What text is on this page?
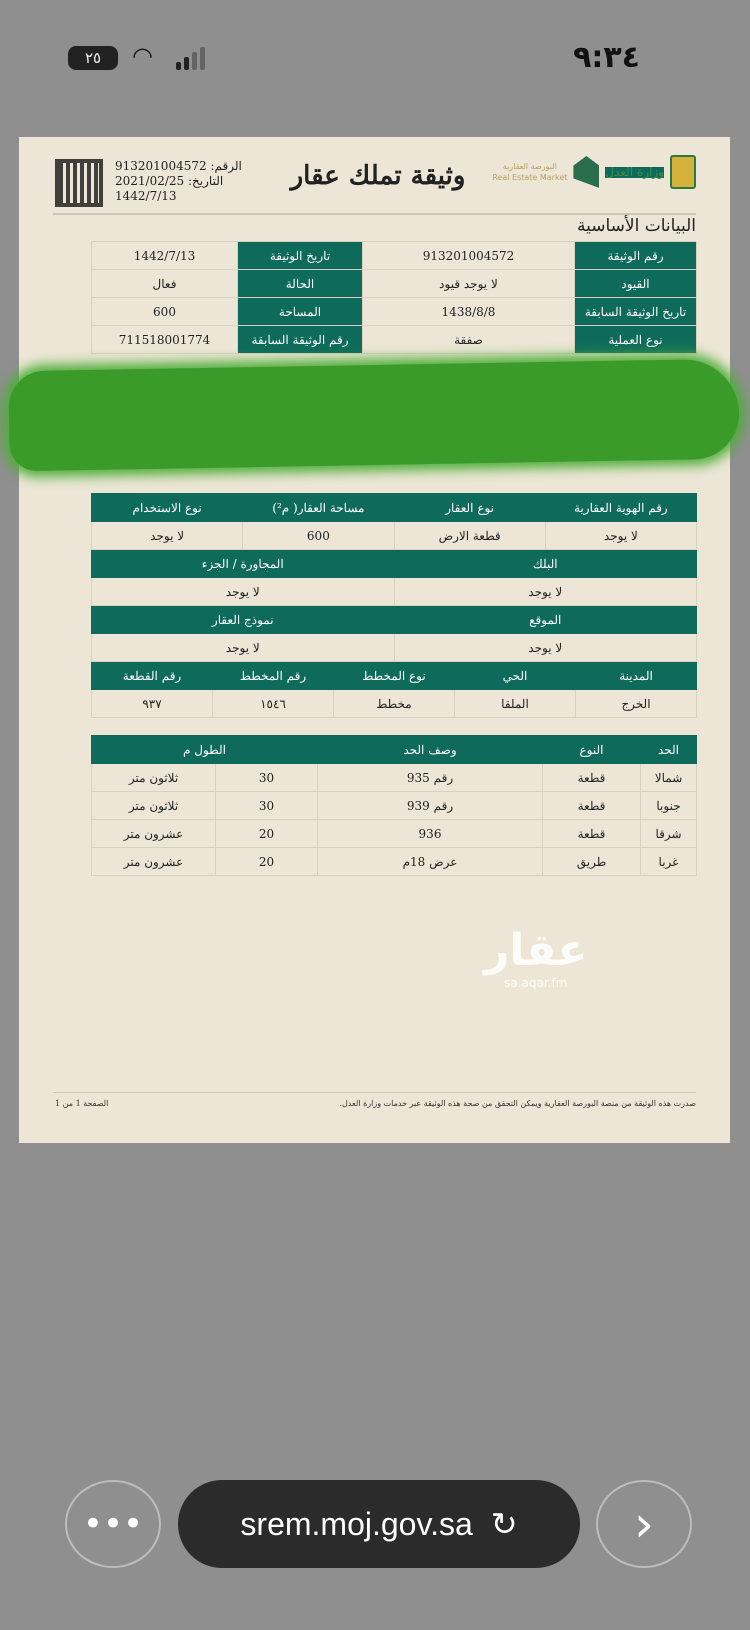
٩:٣٤
٢٥	◠
البورصة العقارية
Real Estate Market	وزارة العدل
وثيقة تملك عقار
الرقم: 913201004572
التاريخ: 2021/02/25
1442/7/13
البيانات الأساسية
رقم الوثيقة	913201004572	تاريخ الوثيقة	1442/7/13
القيود	لا يوجد قيود	الحالة	فعال
تاريخ الوثيقة السابقة	1438/8/8	المساحة	600
نوع العملية	صفقة	رقم الوثيقة السابقة	711518001774
رقم الهوية العقارية		نوع العقار		مساحة العقار( م²)		نوع الاستخدام	
لا يوجد		قطعة الارض		600		لا يوجد	
البلك				المجاورة / الجزء			
لا يوجد				لا يوجد			
الموقع				نموذج العقار			
لا يوجد				لا يوجد			
المدينة	الحي		نوع المخطط		رقم المخطط		رقم القطعة
الخرج	الملقا		مخطط		١٥٤٦		٩٣٧
الحد	النوع	وصف الحد	الطول م	
شمالا	قطعة	رقم 935	30	ثلاثون متر
جنوبا	قطعة	رقم 939	30	ثلاثون متر
شرقا	قطعة	936	20	عشرون متر
غربا	طريق	عرض 18م	20	عشرون متر
عقار
sa.aqar.fm
صدرت هذه الوثيقة من منصة البورصة العقارية ويمكن التحقق من صحة هذه الوثيقة عبر خدمات وزارة العدل.
الصفحة 1 من 1
•••	srem.moj.gov.sa ↻	›
